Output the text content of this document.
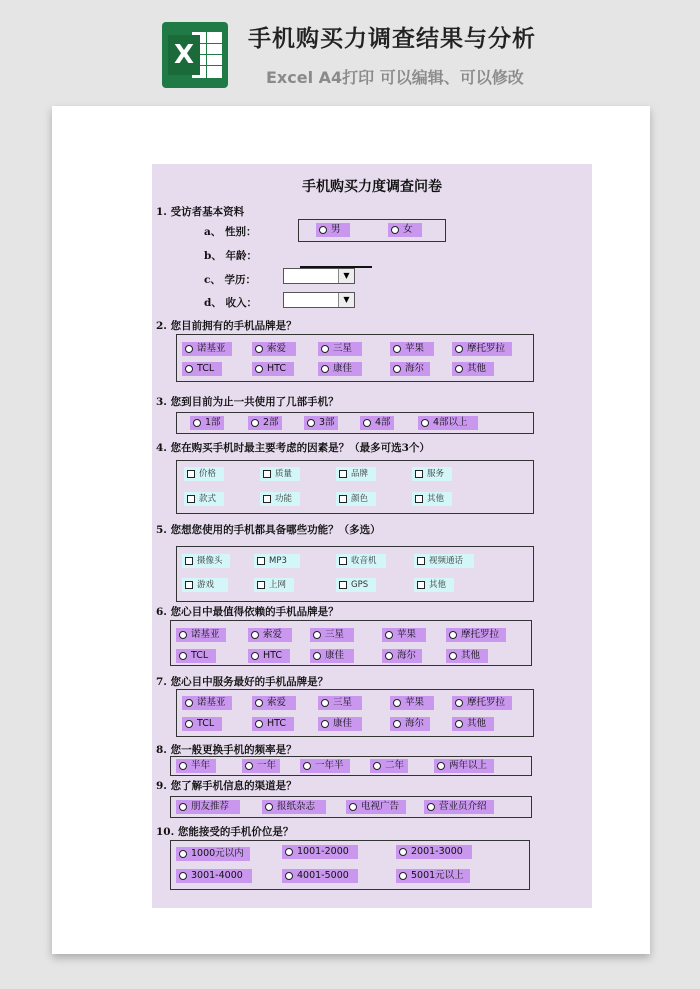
X
手机购买力调查结果与分析
Excel A4打印 可以编辑、可以修改
手机购买力度调查问卷
1. 受访者基本资料
a、 性别：	男	女
b、 年龄：
c、 学历：	▼
d、 收入：	▼
2. 您目前拥有的手机品牌是？
诺基亚	索爱	三星	苹果	摩托罗拉
TCL	HTC	康佳	海尔	其他
3. 您到目前为止一共使用了几部手机？
1部	2部	3部	4部	4部以上
4. 您在购买手机时最主要考虑的因素是？（最多可选3个）
价格	质量	品牌	服务
款式	功能	颜色	其他
5. 您想您使用的手机都具备哪些功能？（多选）
摄像头	MP3	收音机	视频通话
游戏	上网	GPS	其他
6. 您心目中最值得依赖的手机品牌是？
诺基亚	索爱	三星	苹果	摩托罗拉
TCL	HTC	康佳	海尔	其他
7. 您心目中服务最好的手机品牌是？
诺基亚	索爱	三星	苹果	摩托罗拉
TCL	HTC	康佳	海尔	其他
8. 您一般更换手机的频率是？
半年	一年	一年半	二年	两年以上
9. 您了解手机信息的渠道是？
朋友推荐	报纸杂志	电视广告	营业员介绍
10. 您能接受的手机价位是？
1000元以内	1001-2000	2001-3000
3001-4000	4001-5000	5001元以上
